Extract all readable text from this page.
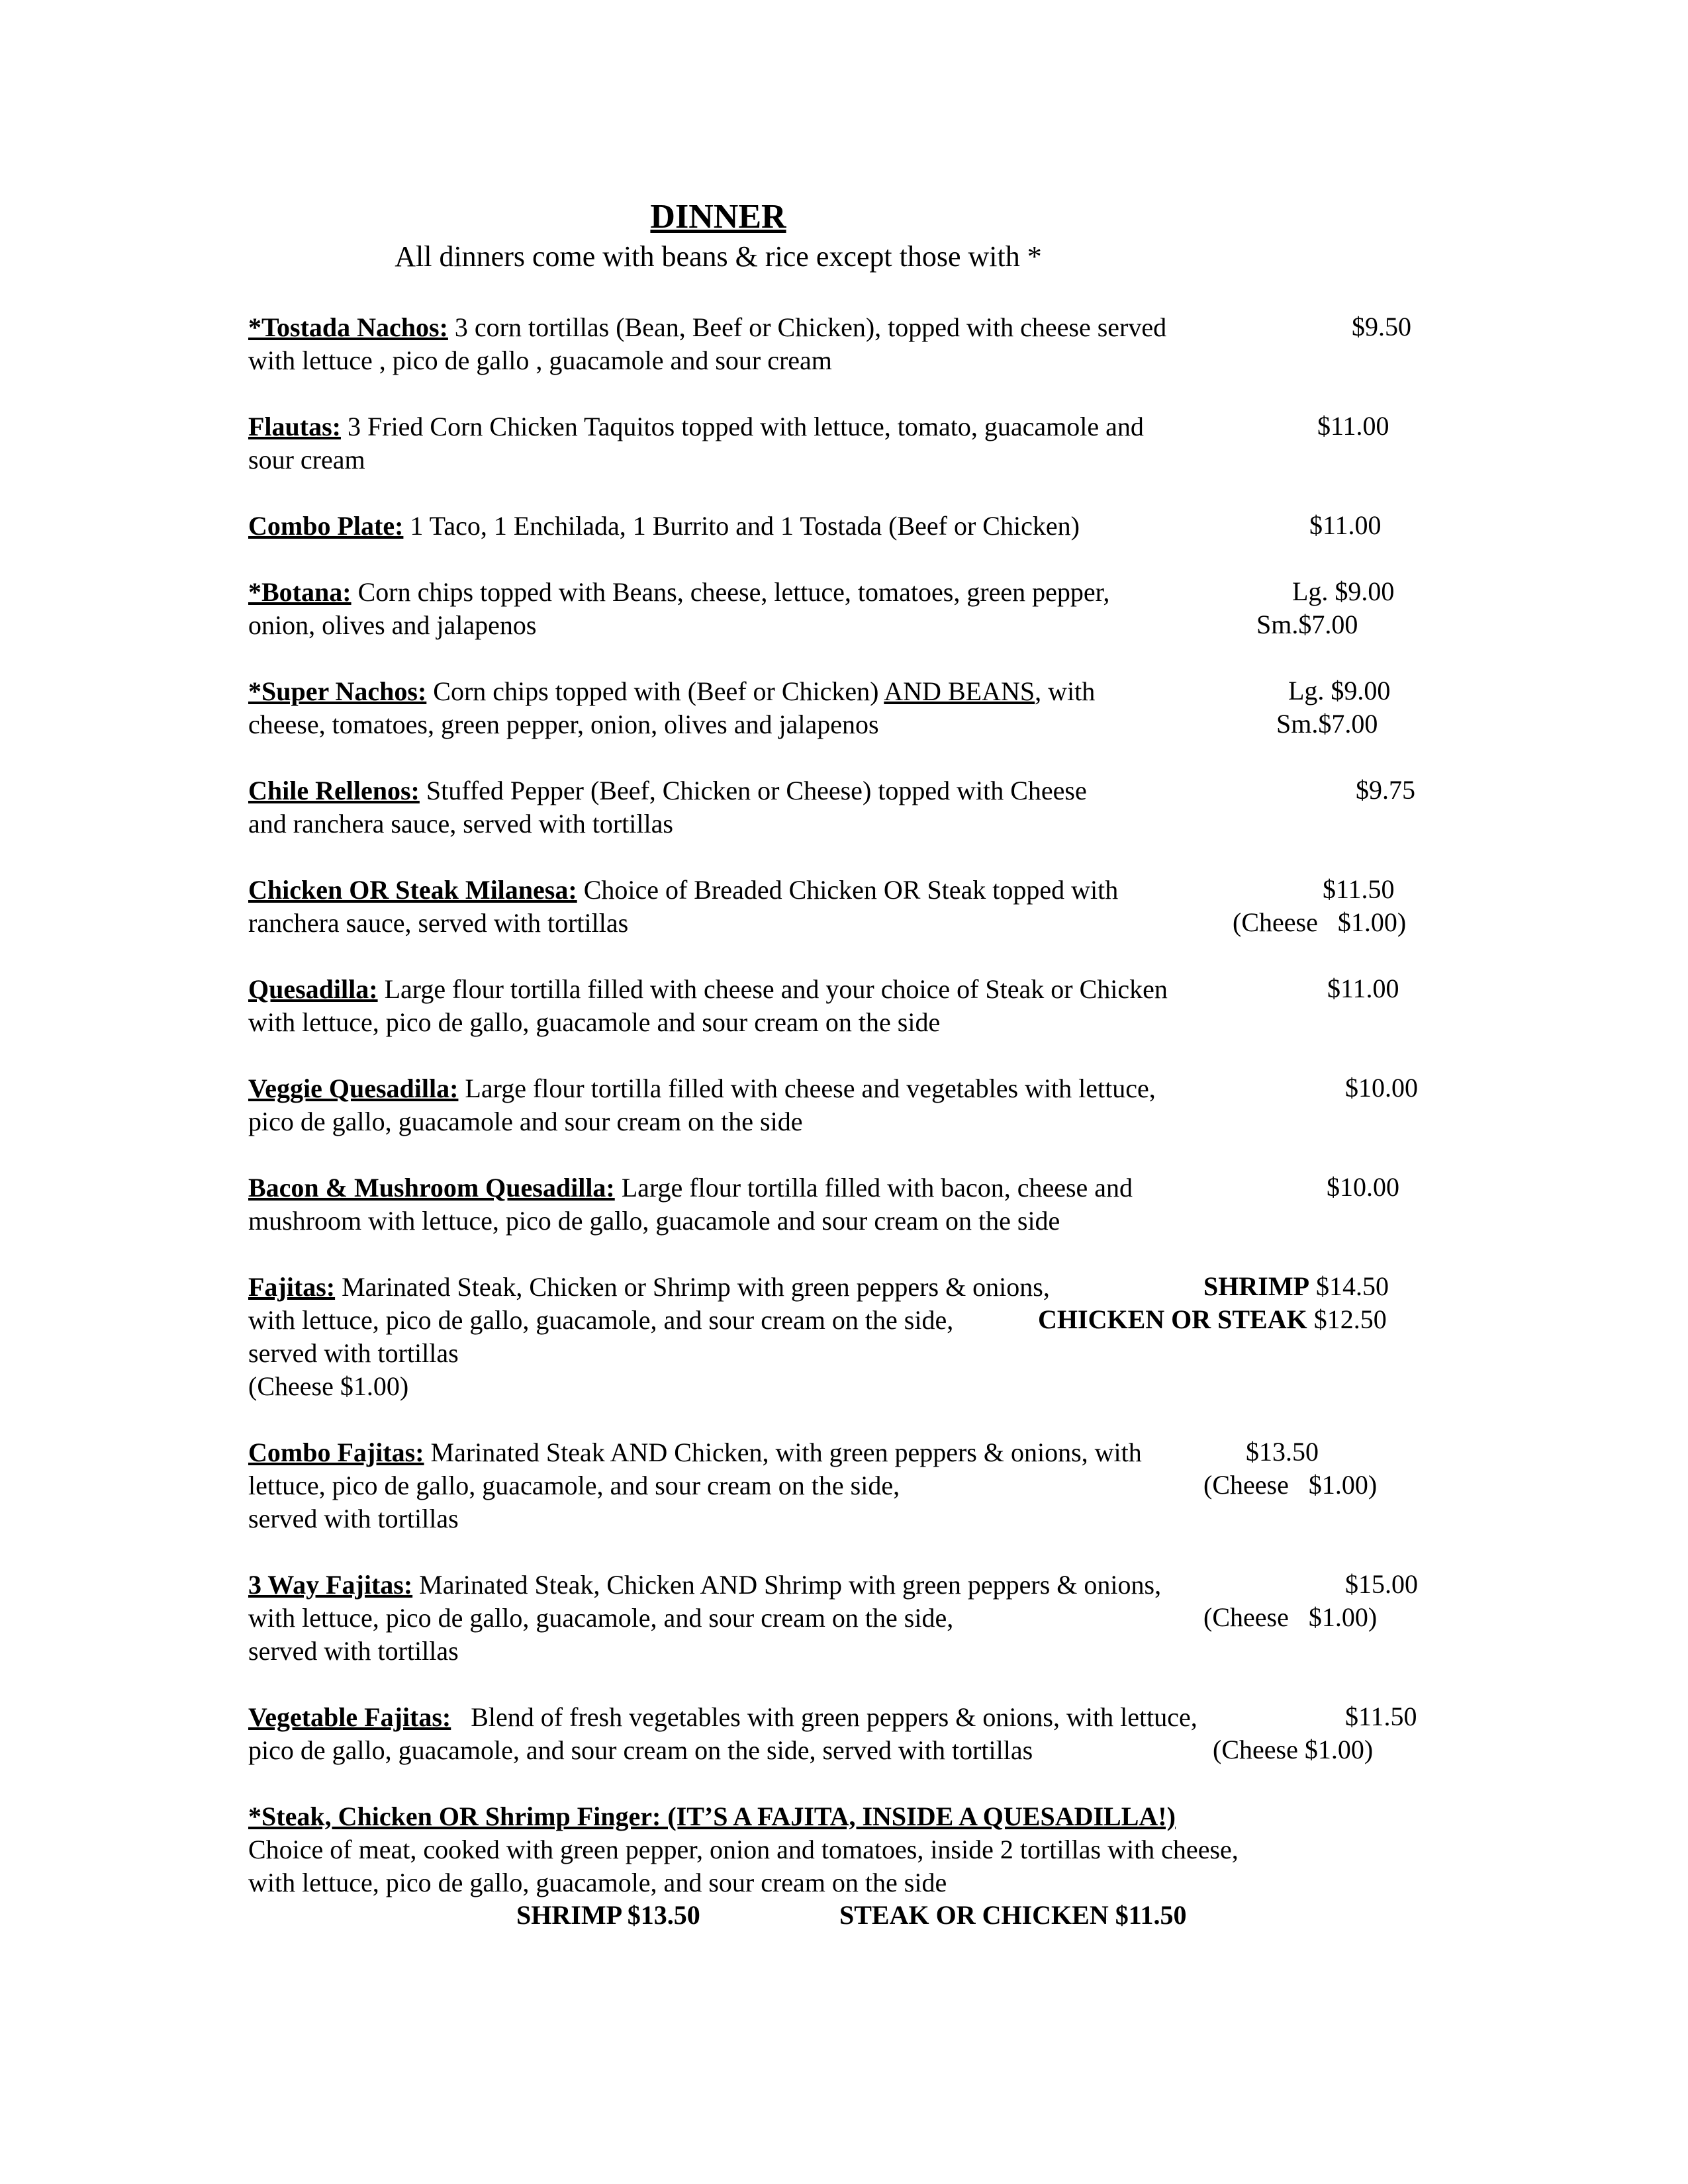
DINNER
All dinners come with beans & rice except those with *
*Tostada Nachos: 3 corn tortillas (Bean, Beef or Chicken), topped with cheese served
with lettuce , pico de gallo , guacamole and sour cream
$9.50
Flautas: 3 Fried Corn Chicken Taquitos topped with lettuce, tomato, guacamole and
sour cream
$11.00
Combo Plate: 1 Taco, 1 Enchilada, 1 Burrito and 1 Tostada (Beef or Chicken)	$11.00
*Botana: Corn chips topped with Beans, cheese, lettuce, tomatoes, green pepper,
onion, olives and jalapenos
Lg. $9.00
Sm.$7.00
*Super Nachos: Corn chips topped with (Beef or Chicken) AND BEANS, with
cheese, tomatoes, green pepper, onion, olives and jalapenos
Lg. $9.00
Sm.$7.00
Chile Rellenos: Stuffed Pepper (Beef, Chicken or Cheese) topped with Cheese
and ranchera sauce, served with tortillas
$9.75
Chicken OR Steak Milanesa: Choice of Breaded Chicken OR Steak topped with
ranchera sauce, served with tortillas
$11.50
(Cheese   $1.00)
Quesadilla: Large flour tortilla filled with cheese and your choice of Steak or Chicken
with lettuce, pico de gallo, guacamole and sour cream on the side
$11.00
Veggie Quesadilla: Large flour tortilla filled with cheese and vegetables with lettuce,
pico de gallo, guacamole and sour cream on the side
$10.00
Bacon & Mushroom Quesadilla: Large flour tortilla filled with bacon, cheese and
mushroom with lettuce, pico de gallo, guacamole and sour cream on the side
$10.00
Fajitas: Marinated Steak, Chicken or Shrimp with green peppers & onions,
with lettuce, pico de gallo, guacamole, and sour cream on the side,
served with tortillas
(Cheese $1.00)
SHRIMP $14.50
CHICKEN OR STEAK $12.50
Combo Fajitas: Marinated Steak AND Chicken, with green peppers & onions, with
lettuce, pico de gallo, guacamole, and sour cream on the side,
served with tortillas
$13.50
(Cheese   $1.00)
3 Way Fajitas: Marinated Steak, Chicken AND Shrimp with green peppers & onions,
with lettuce, pico de gallo, guacamole, and sour cream on the side,
served with tortillas
$15.00
(Cheese   $1.00)
Vegetable Fajitas:   Blend of fresh vegetables with green peppers & onions, with lettuce,
pico de gallo, guacamole, and sour cream on the side, served with tortillas
$11.50
(Cheese $1.00)
*Steak, Chicken OR Shrimp Finger: (IT’S A FAJITA, INSIDE A QUESADILLA!)
Choice of meat, cooked with green pepper, onion and tomatoes, inside 2 tortillas with cheese,
with lettuce, pico de gallo, guacamole, and sour cream on the side
SHRIMP $13.50	STEAK OR CHICKEN $11.50
